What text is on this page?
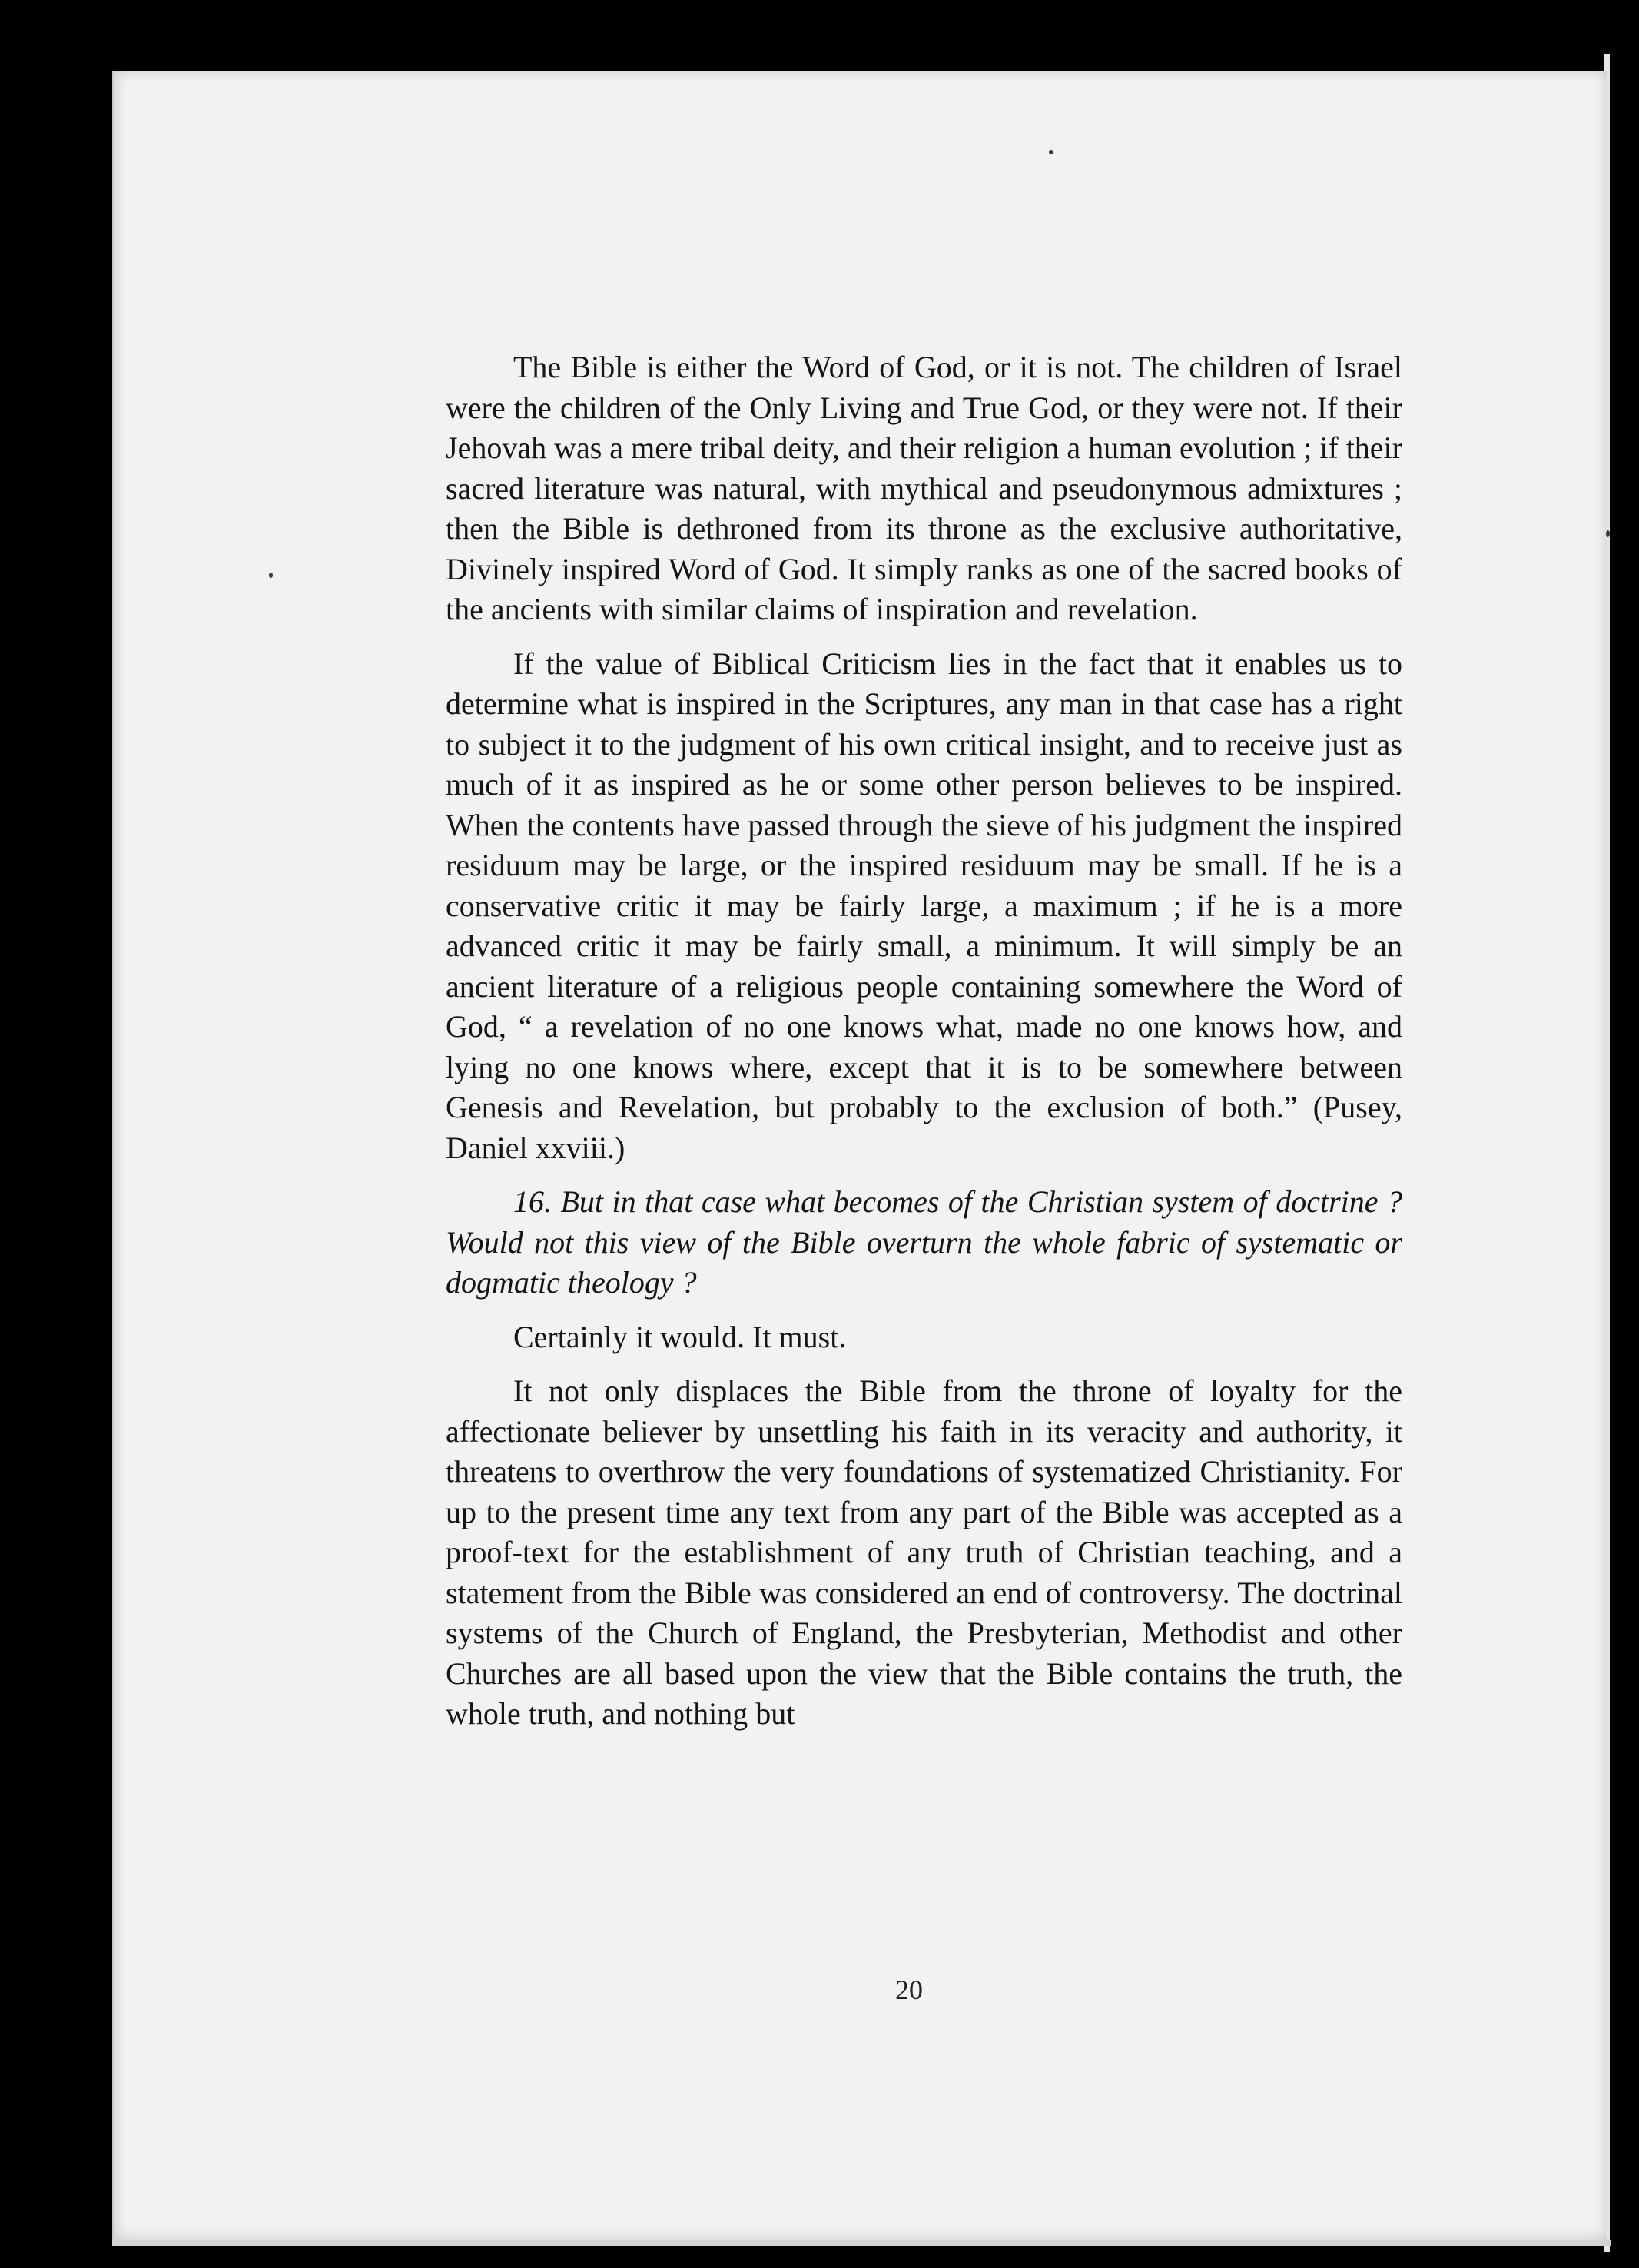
The Bible is either the Word of God, or it is not. The children of Israel were the children of the Only Living and True God, or they were not. If their Jehovah was a mere tribal deity, and their religion a human evolution ; if their sacred literature was natural, with mythical and pseudonymous admixtures ; then the Bible is dethroned from its throne as the exclusive authoritative, Divinely inspired Word of God. It simply ranks as one of the sacred books of the ancients with similar claims of inspiration and revelation.

If the value of Biblical Criticism lies in the fact that it enables us to determine what is inspired in the Scriptures, any man in that case has a right to subject it to the judgment of his own critical insight, and to receive just as much of it as inspired as he or some other person believes to be inspired. When the contents have passed through the sieve of his judgment the inspired residuum may be large, or the inspired residuum may be small. If he is a conservative critic it may be fairly large, a maximum ; if he is a more advanced critic it may be fairly small, a minimum. It will simply be an ancient literature of a religious people containing somewhere the Word of God, “ a revelation of no one knows what, made no one knows how, and lying no one knows where, except that it is to be somewhere between Genesis and Revelation, but probably to the exclusion of both.” (Pusey, Daniel xxviii.)

16. But in that case what becomes of the Christian system of doctrine ? Would not this view of the Bible overturn the whole fabric of systematic or dogmatic theology ?

Certainly it would. It must.

It not only displaces the Bible from the throne of loyalty for the affectionate believer by unsettling his faith in its veracity and authority, it threatens to overthrow the very foundations of systematized Christianity. For up to the present time any text from any part of the Bible was accepted as a proof-text for the establishment of any truth of Christian teaching, and a statement from the Bible was considered an end of controversy. The doctrinal systems of the Church of England, the Presbyterian, Methodist and other Churches are all based upon the view that the Bible contains the truth, the whole truth, and nothing but

20
